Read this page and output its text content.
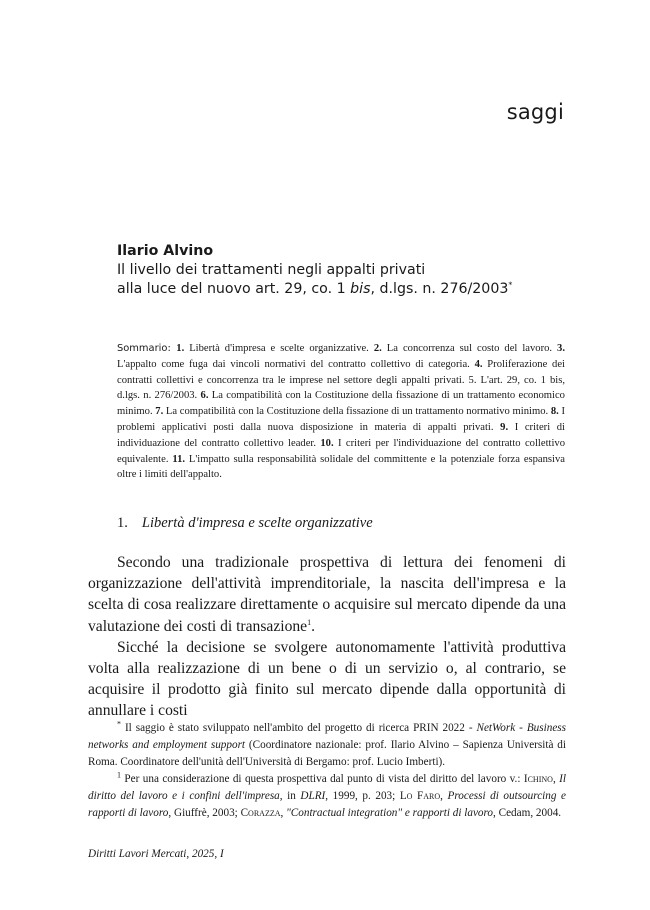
saggi
Ilario Alvino
Il livello dei trattamenti negli appalti privati
alla luce del nuovo art. 29, co. 1 bis, d.lgs. n. 276/2003*
Sommario: 1. Libertà d'impresa e scelte organizzative. 2. La concorrenza sul costo del lavoro. 3. L'appalto come fuga dai vincoli normativi del contratto collettivo di categoria. 4. Proliferazione dei contratti collettivi e concorrenza tra le imprese nel settore degli appalti privati. 5. L'art. 29, co. 1 bis, d.lgs. n. 276/2003. 6. La compatibilità con la Costituzione della fissazione di un trattamento economico minimo. 7. La compatibilità con la Costituzione della fissazione di un trattamento normativo minimo. 8. I problemi applicativi posti dalla nuova disposizione in materia di appalti privati. 9. I criteri di individuazione del contratto collettivo leader. 10. I criteri per l'individuazione del contratto collettivo equivalente. 11. L'impatto sulla responsabilità solidale del committente e la potenziale forza espansiva oltre i limiti dell'appalto.
1. Libertà d'impresa e scelte organizzative

Secondo una tradizionale prospettiva di lettura dei fenomeni di organizzazione dell'attività imprenditoriale, la nascita dell'impresa e la scelta di cosa realizzare direttamente o acquisire sul mercato dipende da una valutazione dei costi di transazione$^1$.

Sicché la decisione se svolgere autonomamente l'attività produttiva volta alla realizzazione di un bene o di un servizio o, al contrario, se acquisire il prodotto già finito sul mercato dipende dalla opportunità di annullare i costi

* Il saggio è stato sviluppato nell'ambito del progetto di ricerca PRIN 2022 - NetWork - Business networks and employment support (Coordinatore nazionale: prof. Ilario Alvino – Sapienza Università di Roma. Coordinatore dell'unità dell'Università di Bergamo: prof. Lucio Imberti).

$^1$ Per una considerazione di questa prospettiva dal punto di vista del diritto del lavoro v.: Ichino, Il diritto del lavoro e i confini dell'impresa, in DLRI, 1999, p. 203; Lo Faro, Processi di outsourcing e rapporti di lavoro, Giuffrè, 2003; Corazza, "Contractual integration" e rapporti di lavoro, Cedam, 2004.

Diritti Lavori Mercati, 2025, I
